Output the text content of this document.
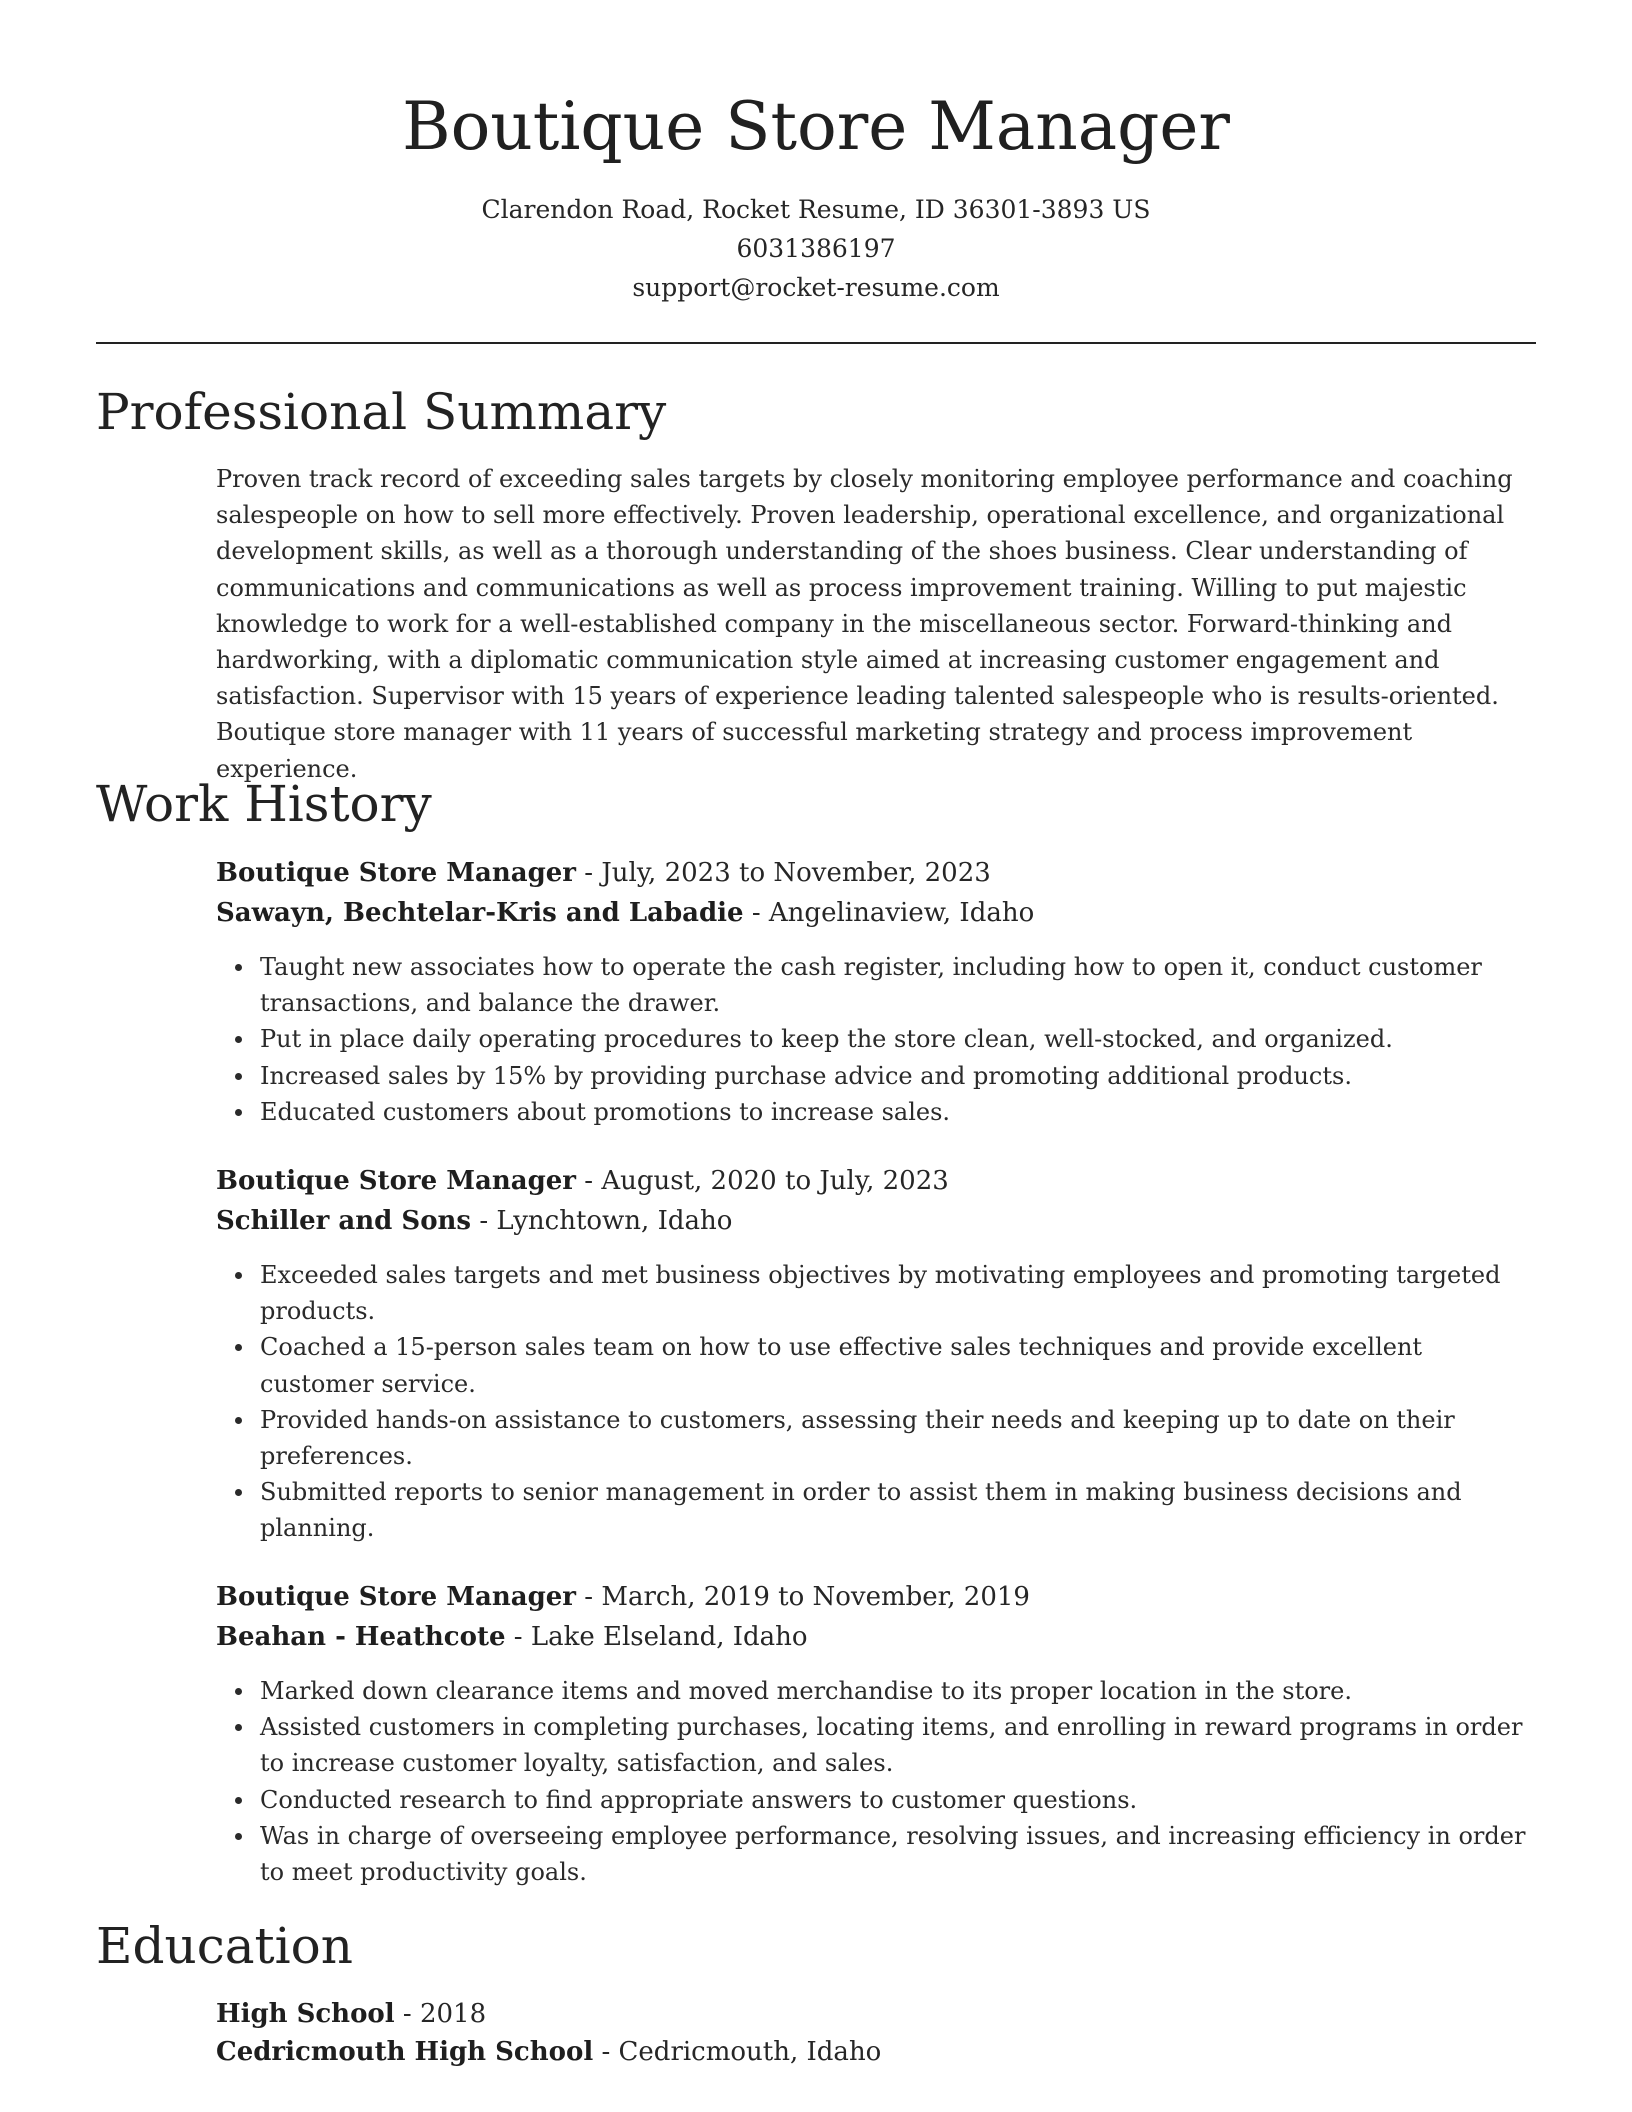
Boutique Store Manager
Clarendon Road, Rocket Resume, ID 36301-3893 US
6031386197
support@rocket-resume.com
Professional Summary
Proven track record of exceeding sales targets by closely monitoring employee performance and coaching salespeople on how to sell more effectively. Proven leadership, operational excellence, and organizational development skills, as well as a thorough understanding of the shoes business. Clear understanding of communications and communications as well as process improvement training. Willing to put majestic knowledge to work for a well-established company in the miscellaneous sector. Forward-thinking and hardworking, with a diplomatic communication style aimed at increasing customer engagement and satisfaction. Supervisor with 15 years of experience leading talented salespeople who is results-oriented. Boutique store manager with 11 years of successful marketing strategy and process improvement experience.
Work History
Boutique Store Manager - July, 2023 to November, 2023
Sawayn, Bechtelar-Kris and Labadie - Angelinaview, Idaho
Taught new associates how to operate the cash register, including how to open it, conduct customer transactions, and balance the drawer.
Put in place daily operating procedures to keep the store clean, well-stocked, and organized.
Increased sales by 15% by providing purchase advice and promoting additional products.
Educated customers about promotions to increase sales.
Boutique Store Manager - August, 2020 to July, 2023
Schiller and Sons - Lynchtown, Idaho
Exceeded sales targets and met business objectives by motivating employees and promoting targeted products.
Coached a 15-person sales team on how to use effective sales techniques and provide excellent customer service.
Provided hands-on assistance to customers, assessing their needs and keeping up to date on their preferences.
Submitted reports to senior management in order to assist them in making business decisions and planning.
Boutique Store Manager - March, 2019 to November, 2019
Beahan - Heathcote - Lake Elseland, Idaho
Marked down clearance items and moved merchandise to its proper location in the store.
Assisted customers in completing purchases, locating items, and enrolling in reward programs in order to increase customer loyalty, satisfaction, and sales.
Conducted research to find appropriate answers to customer questions.
Was in charge of overseeing employee performance, resolving issues, and increasing efficiency in order to meet productivity goals.
Education
High School - 2018
Cedricmouth High School - Cedricmouth, Idaho
